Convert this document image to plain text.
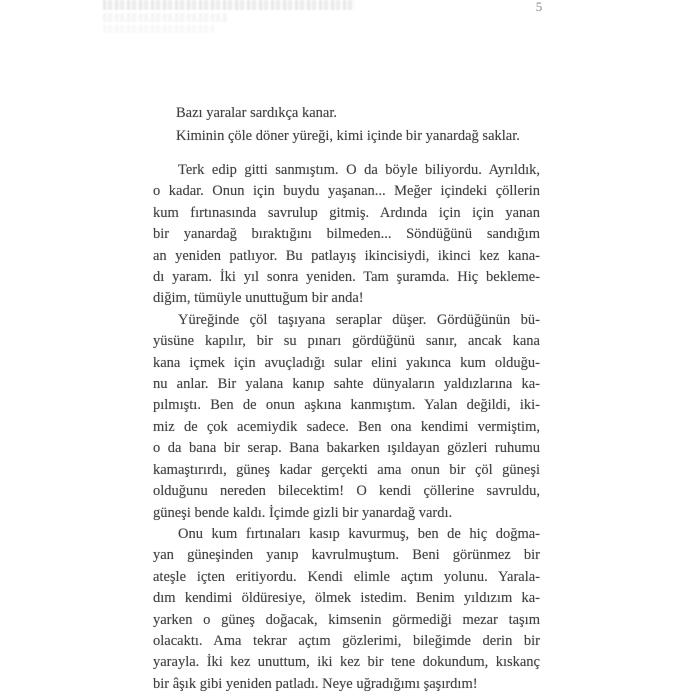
5
Bazı yaralar sardıkça kanar.
Kiminin çöle döner yüreği, kimi içinde bir yanardağ saklar.
Terk edip gitti sanmıştım. O da böyle biliyordu. Ayrıldık,
o kadar. Onun için buydu yaşanan... Meğer içindeki çöllerin
kum fırtınasında savrulup gitmiş. Ardında için için yanan
bir yanardağ bıraktığını bilmeden... Söndüğünü sandığım
an yeniden patlıyor. Bu patlayış ikincisiydi, ikinci kez kana-
dı yaram. İki yıl sonra yeniden. Tam şuramda. Hiç bekleme-
diğim, tümüyle unuttuğum bir anda!
Yüreğinde çöl taşıyana seraplar düşer. Gördüğünün bü-
yüsüne kapılır, bir su pınarı gördüğünü sanır, ancak kana
kana içmek için avuçladığı sular elini yakınca kum olduğu-
nu anlar. Bir yalana kanıp sahte dünyaların yaldızlarına ka-
pılmıştı. Ben de onun aşkına kanmıştım. Yalan değildi, iki-
miz de çok acemiydik sadece. Ben ona kendimi vermiştim,
o da bana bir serap. Bana bakarken ışıldayan gözleri ruhumu
kamaştırırdı, güneş kadar gerçekti ama onun bir çöl güneşi
olduğunu nereden bilecektim! O kendi çöllerine savruldu,
güneşi bende kaldı. İçimde gizli bir yanardağ vardı.
Onu kum fırtınaları kasıp kavurmuş, ben de hiç doğma-
yan güneşinden yanıp kavrulmuştum. Beni görünmez bir
ateşle içten eritiyordu. Kendi elimle açtım yolunu. Yarala-
dım kendimi öldüresiye, ölmek istedim. Benim yıldızım ka-
yarken o güneş doğacak, kimsenin görmediği mezar taşım
olacaktı. Ama tekrar açtım gözlerimi, bileğimde derin bir
yarayla. İki kez unuttum, iki kez bir tene dokundum, kıskanç
bir âşık gibi yeniden patladı. Neye uğradığımı şaşırdım!
